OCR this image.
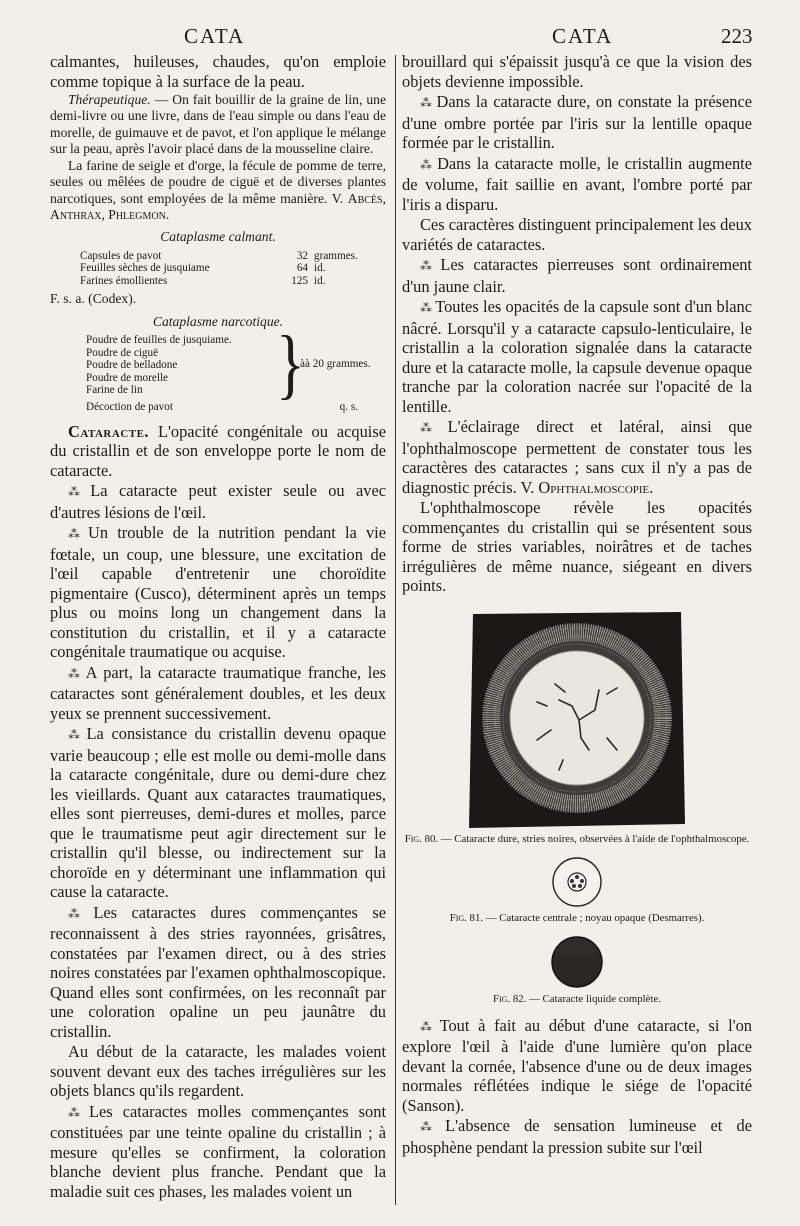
CATA	CATA	223

calmantes, huileuses, chaudes, qu'on emploie comme topique à la surface de la peau.

Thérapeutique. — On fait bouillir de la graine de lin, une demi-livre ou une livre, dans de l'eau simple ou dans l'eau de morelle, de guimauve et de pavot, et l'on applique le mélange sur la peau, après l'avoir placé dans de la mousseline claire.

La farine de seigle et d'orge, la fécule de pomme de terre, seules ou mêlées de poudre de ciguë et de diverses plantes narcotiques, sont employées de la même manière. V. Abcès, Anthrax, Phlegmon.

Cataplasme calmant.

Capsules de pavot	32 grammes.
Feuilles sèches de jusquiame	64 id.
Farines émollientes	125 id.

F. s. a. (Codex).

Cataplasme narcotique.

Poudre de feuilles de jusquiame.
Poudre de ciguë
Poudre de belladone
Poudre de morelle
Farine de lin	}
àà 20 grammes.
Décoction de pavot	q. s.

Cataracte. L'opacité congénitale ou acquise du cristallin et de son enveloppe porte le nom de cataracte.

⁂ La cataracte peut exister seule ou avec d'autres lésions de l'œil.

⁂ Un trouble de la nutrition pendant la vie fœtale, un coup, une blessure, une excitation de l'œil capable d'entretenir une choroïdite pigmentaire (Cusco), déterminent après un temps plus ou moins long un changement dans la constitution du cristallin, et il y a cataracte congénitale traumatique ou acquise.

⁂ A part, la cataracte traumatique franche, les cataractes sont généralement doubles, et les deux yeux se prennent successivement.

⁂ La consistance du cristallin devenu opaque varie beaucoup ; elle est molle ou demi-molle dans la cataracte congénitale, dure ou demi-dure chez les vieillards. Quant aux cataractes traumatiques, elles sont pierreuses, demi-dures et molles, parce que le traumatisme peut agir directement sur le cristallin qu'il blesse, ou indirectement sur la choroïde en y déterminant une inflammation qui cause la cataracte.

⁂ Les cataractes dures commençantes se reconnaissent à des stries rayonnées, grisâtres, constatées par l'examen direct, ou à des stries noires constatées par l'examen ophthalmoscopique. Quand elles sont confirmées, on les reconnaît par une coloration opaline un peu jaunâtre du cristallin.

Au début de la cataracte, les malades voient souvent devant eux des taches irrégulières sur les objets blancs qu'ils regardent.

⁂ Les cataractes molles commençantes sont constituées par une teinte opaline du cristallin ; à mesure qu'elles se confirment, la coloration blanche devient plus franche. Pendant que la maladie suit ces phases, les malades voient un

brouillard qui s'épaissit jusqu'à ce que la vision des objets devienne impossible.

⁂ Dans la cataracte dure, on constate la présence d'une ombre portée par l'iris sur la lentille opaque formée par le cristallin.

⁂ Dans la cataracte molle, le cristallin augmente de volume, fait saillie en avant, l'ombre porté par l'iris a disparu.

Ces caractères distinguent principalement les deux variétés de cataractes.

⁂ Les cataractes pierreuses sont ordinairement d'un jaune clair.

⁂ Toutes les opacités de la capsule sont d'un blanc nâcré. Lorsqu'il y a cataracte capsulo-lenticulaire, le cristallin a la coloration signalée dans la cataracte dure et la cataracte molle, la capsule devenue opaque tranche par la coloration nacrée sur l'opacité de la lentille.

⁂ L'éclairage direct et latéral, ainsi que l'ophthalmoscope permettent de constater tous les caractères des cataractes ; sans cux il n'y a pas de diagnostic précis. V. Ophthalmoscopie.

L'ophthalmoscope révèle les opacités commençantes du cristallin qui se présentent sous forme de stries variables, noirâtres et de taches irrégulières de même nuance, siégeant en divers points.

Fig. 80. — Cataracte dure, stries noires, observées à l'aide de l'ophthalmoscope.

Fig. 81. — Cataracte centrale ; noyau opaque (Desmarres).

Fig. 82. — Cataracte liquide complète.

⁂ Tout à fait au début d'une cataracte, si l'on explore l'œil à l'aide d'une lumière qu'on place devant la cornée, l'absence d'une ou de deux images normales réflétées indique le siége de l'opacité (Sanson).

⁂ L'absence de sensation lumineuse et de phosphène pendant la pression subite sur l'œil
